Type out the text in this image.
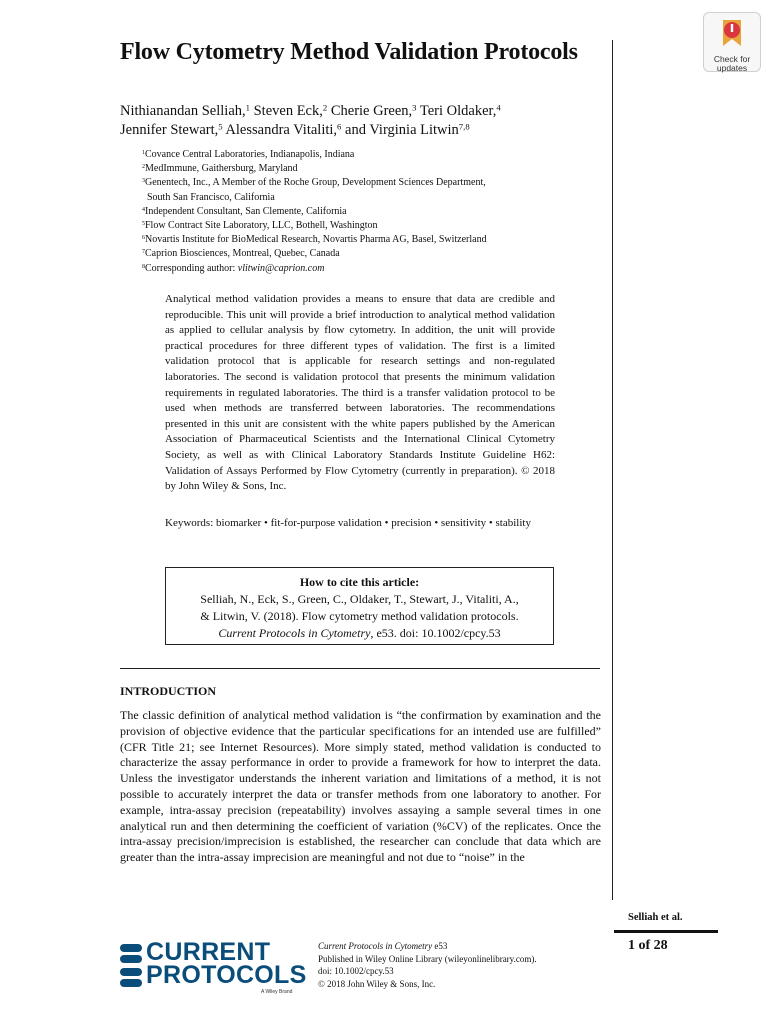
Check for
updates
Flow Cytometry Method Validation Protocols
Nithianandan Selliah,$^1$ Steven Eck,$^2$ Cherie Green,$^3$ Teri Oldaker,$^4$
Jennifer Stewart,$^5$ Alessandra Vitaliti,$^6$ and Virginia Litwin$^{7,8}$
$^1$Covance Central Laboratories, Indianapolis, Indiana
$^2$MedImmune, Gaithersburg, Maryland
$^3$Genentech, Inc., A Member of the Roche Group, Development Sciences Department,
South San Francisco, California
$^4$Independent Consultant, San Clemente, California
$^5$Flow Contract Site Laboratory, LLC, Bothell, Washington
$^6$Novartis Institute for BioMedical Research, Novartis Pharma AG, Basel, Switzerland
$^7$Caprion Biosciences, Montreal, Quebec, Canada
$^8$Corresponding author: vlitwin@caprion.com
Analytical method validation provides a means to ensure that data are credible and reproducible. This unit will provide a brief introduction to analytical method validation as applied to cellular analysis by flow cytometry. In addition, the unit will provide practical procedures for three different types of validation. The first is a limited validation protocol that is applicable for research settings and non-regulated laboratories. The second is validation protocol that presents the minimum validation requirements in regulated laboratories. The third is a transfer validation protocol to be used when methods are transferred between laboratories. The recommendations presented in this unit are consistent with the white papers published by the American Association of Pharmaceutical Scientists and the International Clinical Cytometry Society, as well as with Clinical Laboratory Standards Institute Guideline H62: Validation of Assays Performed by Flow Cytometry (currently in preparation). © 2018 by John Wiley & Sons, Inc.
Keywords: biomarker • fit-for-purpose validation • precision • sensitivity • stability
How to cite this article:
Selliah, N., Eck, S., Green, C., Oldaker, T., Stewart, J., Vitaliti, A.,
& Litwin, V. (2018). Flow cytometry method validation protocols.
Current Protocols in Cytometry, e53. doi: 10.1002/cpcy.53
INTRODUCTION
The classic definition of analytical method validation is “the confirmation by examination and the provision of objective evidence that the particular specifications for an intended use are fulfilled” (CFR Title 21; see Internet Resources). More simply stated, method validation is conducted to characterize the assay performance in order to provide a framework for how to interpret the data. Unless the investigator understands the inherent variation and limitations of a method, it is not possible to accurately interpret the data or transfer methods from one laboratory to another. For example, intra-assay precision (repeatability) involves assaying a sample several times in one analytical run and then determining the coefficient of variation (%CV) of the replicates. Once the intra-assay precision/imprecision is established, the researcher can conclude that data which are greater than the intra-assay imprecision are meaningful and not due to “noise” in the
Selliah et al.
1 of 28
CURRENT
PROTOCOLS
A Wiley Brand
Current Protocols in Cytometry e53
Published in Wiley Online Library (wileyonlinelibrary.com).
doi: 10.1002/cpcy.53
© 2018 John Wiley & Sons, Inc.
